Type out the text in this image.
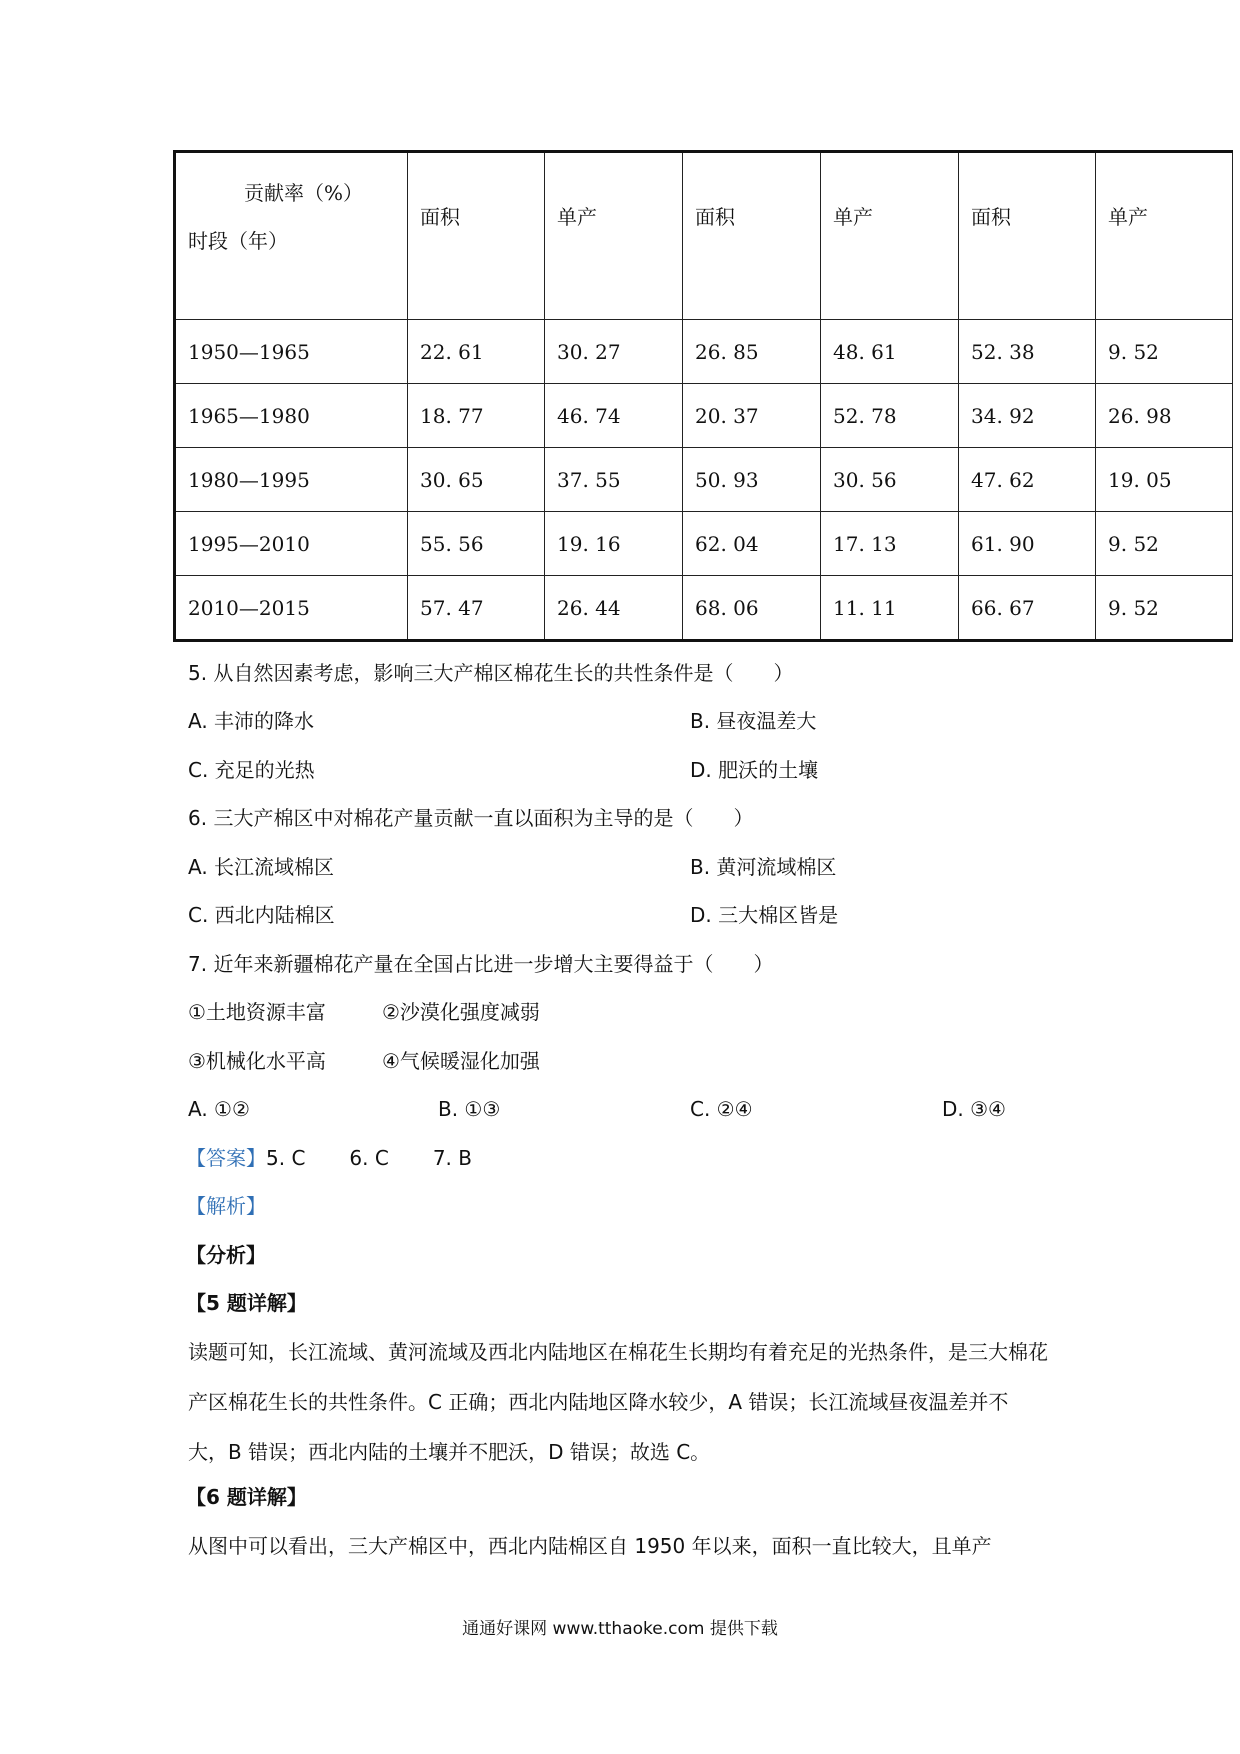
贡献率（%）
时段（年）	面积	单产	面积	单产	面积	单产
1950—1965	22. 61	30. 27	26. 85	48. 61	52. 38	9. 52
1965—1980	18. 77	46. 74	20. 37	52. 78	34. 92	26. 98
1980—1995	30. 65	37. 55	50. 93	30. 56	47. 62	19. 05
1995—2010	55. 56	19. 16	62. 04	17. 13	61. 90	9. 52
2010—2015	57. 47	26. 44	68. 06	11. 11	66. 67	9. 52
5. 从自然因素考虑，影响三大产棉区棉花生长的共性条件是（　　）
A. 丰沛的降水	B. 昼夜温差大
C. 充足的光热	D. 肥沃的土壤
6. 三大产棉区中对棉花产量贡献一直以面积为主导的是（　　）
A. 长江流域棉区	B. 黄河流域棉区
C. 西北内陆棉区	D. 三大棉区皆是
7. 近年来新疆棉花产量在全国占比进一步增大主要得益于（　　）
①土地资源丰富	②沙漠化强度减弱
③机械化水平高	④气候暖湿化加强
A. ①②	B. ①③	C. ②④	D. ③④
【答案】5. C 6. C 7. B
【解析】
【分析】
【5 题详解】
读题可知，长江流域、黄河流域及西北内陆地区在棉花生长期均有着充足的光热条件，是三大棉花产区棉花生长的共性条件。C 正确；西北内陆地区降水较少，A 错误；长江流域昼夜温差并不大，B 错误；西北内陆的土壤并不肥沃，D 错误；故选 C。
【6 题详解】
从图中可以看出，三大产棉区中，西北内陆棉区自 1950 年以来，面积一直比较大，且单产
通通好课网 www.tthaoke.com 提供下载
